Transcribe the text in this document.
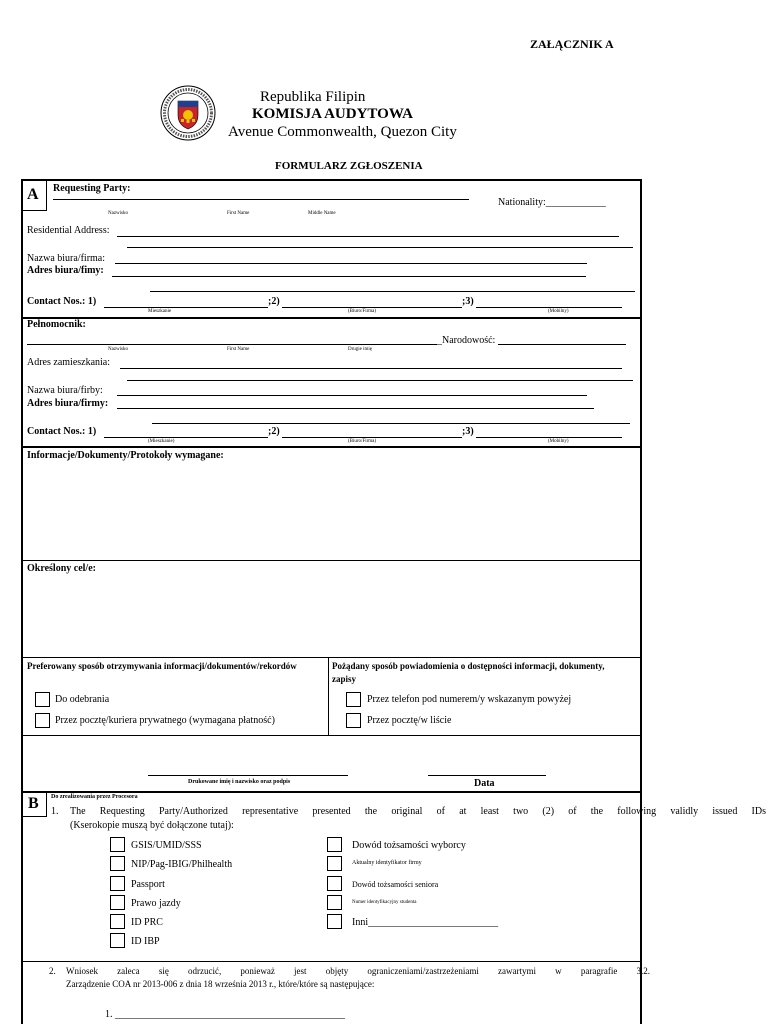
ZAŁĄCZNIK A
Republika Filipin
KOMISJA AUDYTOWA
Avenue Commonwealth, Quezon City
FORMULARZ ZGŁOSZENIA
A Requesting Party:
Nationality:____________
Nazwisko	First Name	Middle Name
Residential Address:
Nazwa biura/firma:
Adres biura/fimy:
Contact Nos.: 1)	;2)	;3)
Mieszkanie	(Biuro/Firma)	(Mobilny)
Pełnomocnik:
_Narodowość:
Nazwisko	First Name	Drugie imię
Adres zamieszkania:
Nazwa biura/firby:
Adres biura/firmy:
Contact Nos.: 1)	;2)	;3)
(Mieszkanie)	(Biuro/Firma)	(Mobilny)
Informacje/Dokumenty/Protokoły wymagane:
Określony cel/e:
Preferowany sposób otrzymywania informacji/dokumentów/rekordów
Do odebrania
Przez pocztę/kuriera prywatnego (wymagana płatność)
Pożądany sposób powiadomienia o dostępności informacji, dokumenty, zapisy
Przez telefon pod numerem/y wskazanym powyżej
Przez pocztę/w liście
Drukowane imię i nazwisko oraz podpis	Data
B Do zrealizowania przez Procesora
1. The Requesting Party/Authorized representative presented the original of at least two (2) of the following validly issued IDs
(Kserokopie muszą być dołączone tutaj):
GSIS/UMID/SSS
NIP/Pag-IBIG/Philhealth
Passport
Prawo jazdy
ID PRC
ID IBP
Dowód tożsamości wyborcy
Aktualny identyfikator firmy
Dowód tożsamości seniora
Numer identyfikacyjny studenta
Inni__________________________
2. Wniosek zaleca się odrzucić, ponieważ jest objęty ograniczeniami/zastrzeżeniami zawartymi w paragrafie 3.2.
Zarządzenie COA nr 2013-006 z dnia 18 września 2013 r., które/które są następujące:
1. ______________________________________________
